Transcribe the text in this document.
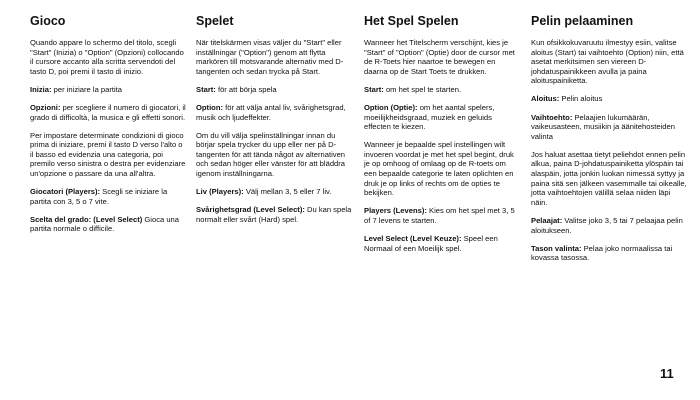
Gioco

Quando appare lo schermo del titolo, scegli "Start" (Inizia) o "Option" (Opzioni) collocando il cursore accanto alla scritta servendoti del tasto D, poi premi il tasto di inizio.

Inizia: per iniziare la partita

Opzioni: per scegliere il numero di giocatori, il grado di difficoltà, la musica e gli effetti sonori.

Per impostare determinate condizioni di gioco prima di iniziare, premi il tasto D verso l'alto o il basso ed evidenzia una categoria, poi premilo verso sinistra o destra per evidenziare un'opzione o passare da una all'altra.

Giocatori (Players): Scegli se iniziare la partita con 3, 5 o 7 vite.

Scelta del grado: (Level Select) Gioca una partita normale o difficile.

Spelet

När titelskärmen visas väljer du "Start" eller inställningar ("Option") genom att flytta markören till motsvarande alternativ med D-tangenten och sedan trycka på Start.

Start: för att börja spela

Option: för att välja antal liv, svårighetsgrad, musik och ljudeffekter.

Om du vill välja spelinställningar innan du börjar spela trycker du upp eller ner på D-tangenten för att tända något av alternativen och sedan höger eller vänster för att bläddra igenom inställningarna.

Liv (Players): Välj mellan 3, 5 eller 7 liv.

Svårighetsgrad (Level Select): Du kan spela normalt eller svårt (Hard) spel.

Het Spel Spelen

Wanneer het Titelscherm verschijnt, kies je "Start" of "Option" (Optie) door de cursor met de R-Toets hier naartoe te bewegen en daarna op de Start Toets te drukken.

Start: om het spel te starten.

Option (Optie): om het aantal spelers, moeilijkheidsgraad, muziek en geluids effecten te kiezen.

Wanneer je bepaalde spel instellingen wilt invoeren voordat je met het spel begint, druk je op omhoog of omlaag op de R-toets om een bepaalde categorie te laten oplichten en druk je op links of rechts om de opties te bekijken.

Players (Levens): Kies om het spel met 3, 5 of 7 levens te starten.

Level Select (Level Keuze): Speel een Normaal of een Moeilijk spel.

Pelin pelaaminen

Kun ofsikkokuvaruutu ilmestyy esiin, valitse aloitus (Start) tai vaihtoehto (Option) niin, että asetat merkitsimen sen viereen D-johdatuspainikkeen avulla ja paina aloituspainiketta.

Aloitus: Pelin aloitus

Vaihtoehto: Pelaajien lukumäärän, vaikeusasteen, musiikin ja äänitehosteiden valinta

Jos haluat asettaa tietyt peliehdot ennen pelin alkua, paina D-johdatuspainiketta ylöspäin tai alaspäin, jotta jonkin luokan nimessä syttyy ja paina sitä sen jälkeen vasemmalle tai oikealle, jotta vaihtoehtojen välillä selaa niiden läpi näin.

Pelaajat: Valitse joko 3, 5 tai 7 pelaajaa pelin aloitukseen.

Tason valinta: Pelaa joko normaalissa tai kovassa tasossa.

11
